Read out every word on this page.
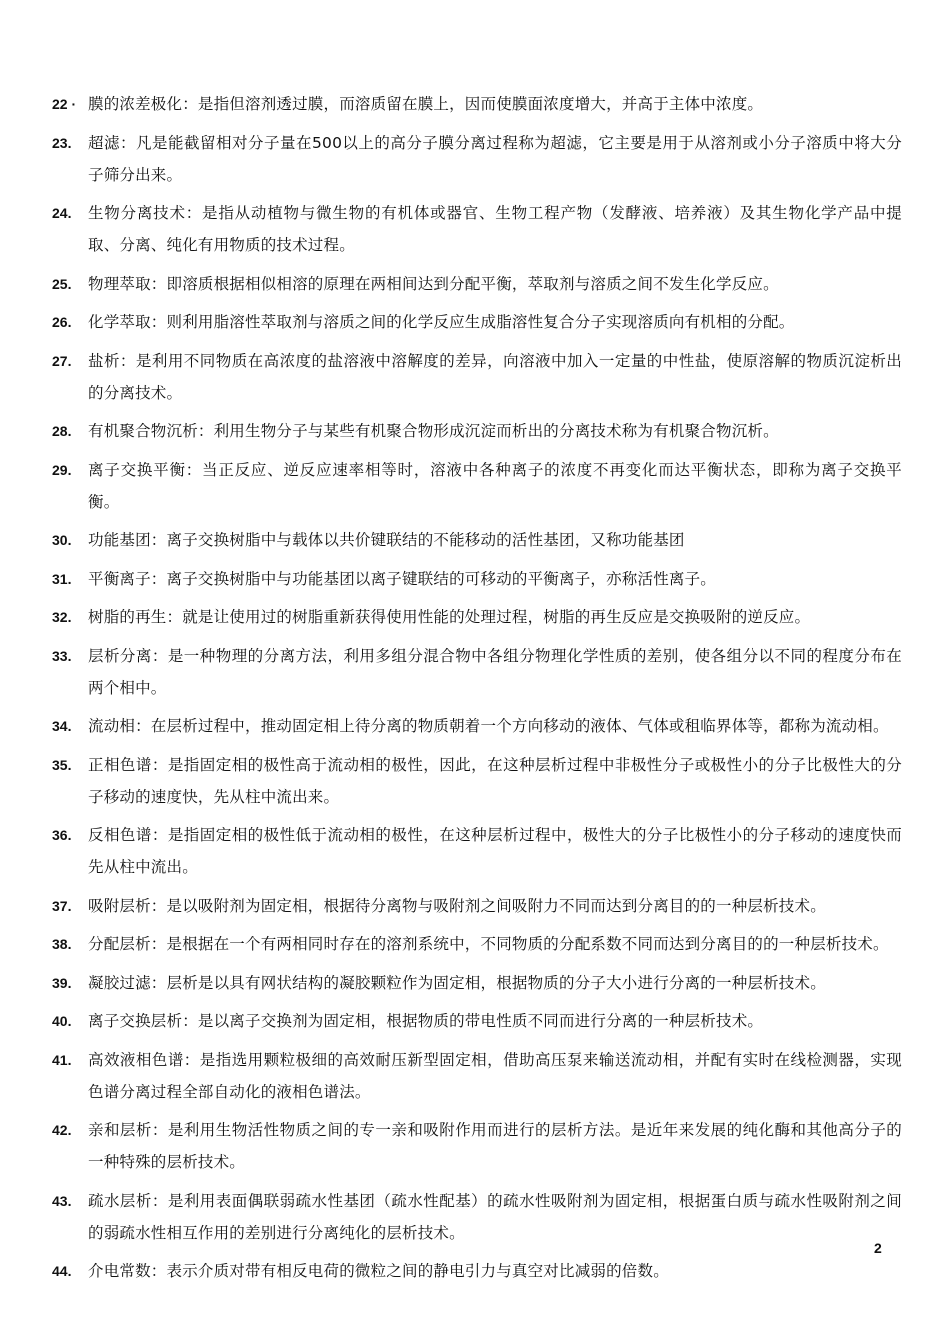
22 · 膜的浓差极化：是指但溶剂透过膜，而溶质留在膜上，因而使膜面浓度增大，并高于主体中浓度。
23.	超滤：凡是能截留相对分子量在500以上的高分子膜分离过程称为超滤，它主要是用于从溶剂或小分子溶质中将大分子筛分出来。
24.	生物分离技术：是指从动植物与微生物的有机体或器官、生物工程产物（发酵液、培养液）及其生物化学产品中提取、分离、纯化有用物质的技术过程。
25.	物理萃取：即溶质根据相似相溶的原理在两相间达到分配平衡，萃取剂与溶质之间不发生化学反应。
26.	化学萃取：则利用脂溶性萃取剂与溶质之间的化学反应生成脂溶性复合分子实现溶质向有机相的分配。
27.	盐析：是利用不同物质在高浓度的盐溶液中溶解度的差异，向溶液中加入一定量的中性盐，使原溶解的物质沉淀析出的分离技术。
28.	有机聚合物沉析：利用生物分子与某些有机聚合物形成沉淀而析出的分离技术称为有机聚合物沉析。
29.	离子交换平衡：当正反应、逆反应速率相等时，溶液中各种离子的浓度不再变化而达平衡状态，即称为离子交换平衡。
30.	功能基团：离子交换树脂中与载体以共价键联结的不能移动的活性基团，又称功能基团
31.	平衡离子：离子交换树脂中与功能基团以离子键联结的可移动的平衡离子，亦称活性离子。
32.	树脂的再生：就是让使用过的树脂重新获得使用性能的处理过程，树脂的再生反应是交换吸附的逆反应。
33.	层析分离：是一种物理的分离方法，利用多组分混合物中各组分物理化学性质的差别，使各组分以不同的程度分布在两个相中。
34.	流动相：在层析过程中，推动固定相上待分离的物质朝着一个方向移动的液体、气体或租临界体等，都称为流动相。
35.	正相色谱：是指固定相的极性高于流动相的极性，因此，在这种层析过程中非极性分子或极性小的分子比极性大的分子移动的速度快，先从柱中流出来。
36.	反相色谱：是指固定相的极性低于流动相的极性，在这种层析过程中，极性大的分子比极性小的分子移动的速度快而先从柱中流出。
37.	吸附层析：是以吸附剂为固定相，根据待分离物与吸附剂之间吸附力不同而达到分离目的的一种层析技术。
38.	分配层析：是根据在一个有两相同时存在的溶剂系统中，不同物质的分配系数不同而达到分离目的的一种层析技术。
39.	凝胶过滤：层析是以具有网状结构的凝胶颗粒作为固定相，根据物质的分子大小进行分离的一种层析技术。
40.	离子交换层析：是以离子交换剂为固定相，根据物质的带电性质不同而进行分离的一种层析技术。
41.	高效液相色谱：是指选用颗粒极细的高效耐压新型固定相，借助高压泵来输送流动相，并配有实时在线检测器，实现色谱分离过程全部自动化的液相色谱法。
42.	亲和层析：是利用生物活性物质之间的专一亲和吸附作用而进行的层析方法。是近年来发展的纯化酶和其他高分子的一种特殊的层析技术。
43.	疏水层析：是利用表面偶联弱疏水性基团（疏水性配基）的疏水性吸附剂为固定相，根据蛋白质与疏水性吸附剂之间的弱疏水性相互作用的差别进行分离纯化的层析技术。
44.	介电常数：表示介质对带有相反电荷的微粒之间的静电引力与真空对比减弱的倍数。
2
